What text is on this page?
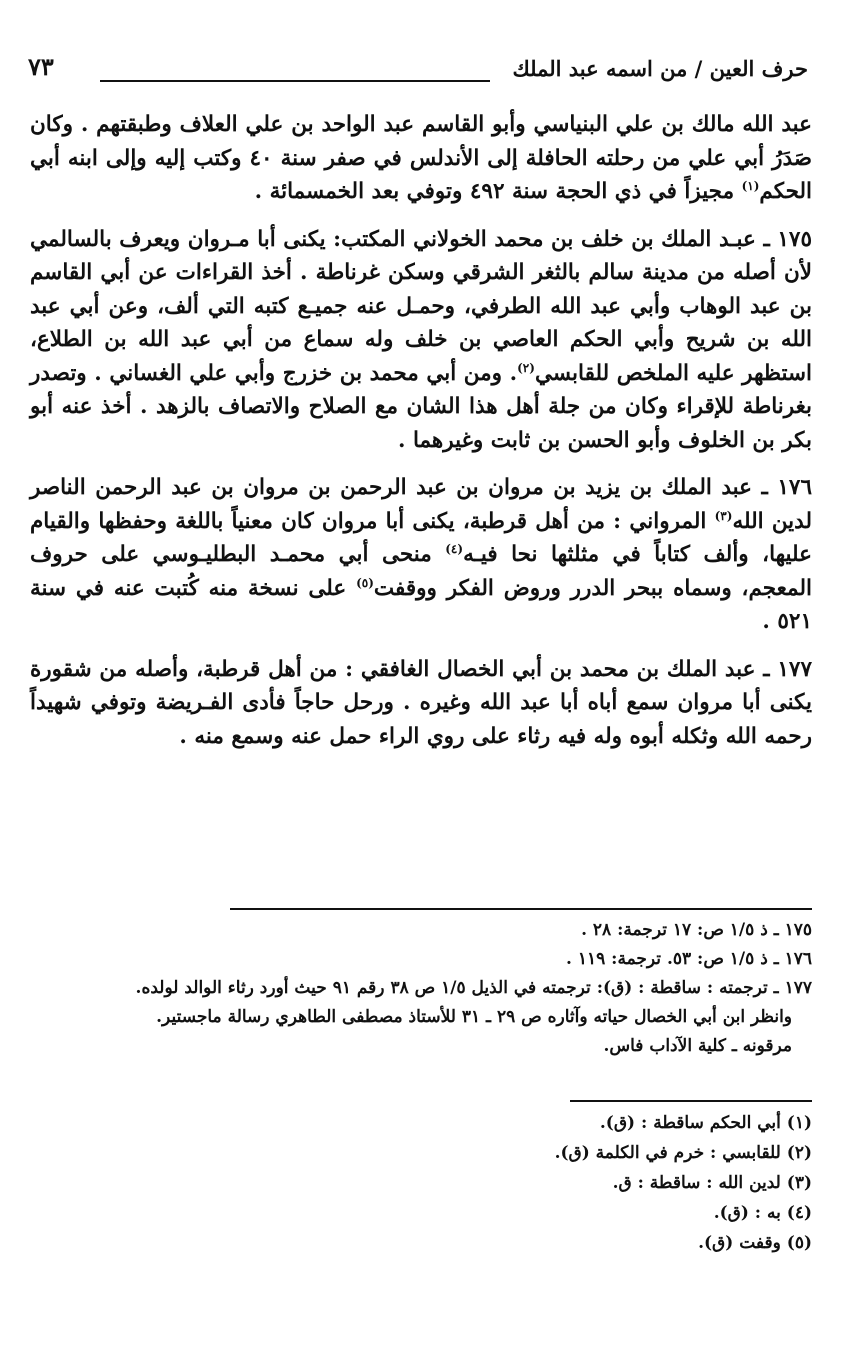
حرف العين / من اسمه عبد الملك
٧٣

عبد الله مالك بن علي البنياسي وأبو القاسم عبد الواحد بن علي العلاف وطبقتهم . وكان صَدَرُ أبي علي من رحلته الحافلة إلى الأندلس في صفر سنة ٤٠ وكتب إليه وإلى ابنه أبي الحكم$^{(١)}$ مجيزاً في ذي الحجة سنة ٤٩٢ وتوفي بعد الخمسمائة .

١٧٥ ـ عبـد الملك بن خلف بن محمد الخولاني المكتب: يكنى أبا مـروان ويعرف بالسالمي لأن أصله من مدينة سالم بالثغر الشرقي وسكن غرناطة . أخذ القراءات عن أبي القاسم بن عبد الوهاب وأبي عبد الله الطرفي، وحمـل عنه جميـع كتبه التي ألف، وعن أبي عبد الله بن شريح وأبي الحكم العاصي بن خلف وله سماع من أبي عبد الله بن الطلاع، استظهر عليه الملخص للقابسي$^{(٢)}$. ومن أبي محمد بن خزرج وأبي علي الغساني . وتصدر بغرناطة للإقراء وكان من جلة أهل هذا الشان مع الصلاح والاتصاف بالزهد . أخذ عنه أبو بكر بن الخلوف وأبو الحسن بن ثابت وغيرهما .

١٧٦ ـ عبد الملك بن يزيد بن مروان بن عبد الرحمن بن مروان بن عبد الرحمن الناصر لدين الله$^{(٣)}$ المرواني : من أهل قرطبة، يكنى أبا مروان كان معنياً باللغة وحفظها والقيام عليها، وألف كتاباً في مثلثها نحا فيـه$^{(٤)}$ منحى أبي محمـد البطليـوسي على حروف المعجم، وسماه ببحر الدرر وروض الفكر ووقفت$^{(٥)}$ على نسخة منه كُتبت عنه في سنة ٥٢١ .

١٧٧ ـ عبد الملك بن محمد بن أبي الخصال الغافقي : من أهل قرطبة، وأصله من شقورة يكنى أبا مروان سمع أباه أبا عبد الله وغيره . ورحل حاجاً فأدى الفـريضة وتوفي شهيداً رحمه الله وثكله أبوه وله فيه رثاء على روي الراء حمل عنه وسمع منه .

١٧٥ ـ ذ ١/٥ ص: ١٧ ترجمة: ٢٨ .

١٧٦ ـ ذ ١/٥ ص: ٥٣. ترجمة: ١١٩ .

١٧٧ ـ ترجمته : ساقطة : (ق): ترجمته في الذيل ١/٥ ص ٣٨ رقم ٩١ حيث أورد رثاء الوالد لولده.

وانظر ابن أبي الخصال حياته وآثاره ص ٢٩ ـ ٣١ للأستاذ مصطفى الطاهري رسالة ماجستير.

مرقونه ـ كلية الآداب فاس.

(١) أبي الحكم ساقطة : (ق).

(٢) للقابسي : خرم في الكلمة (ق).

(٣) لدين الله : ساقطة : ق.

(٤) به : (ق).

(٥) وقفت (ق).
